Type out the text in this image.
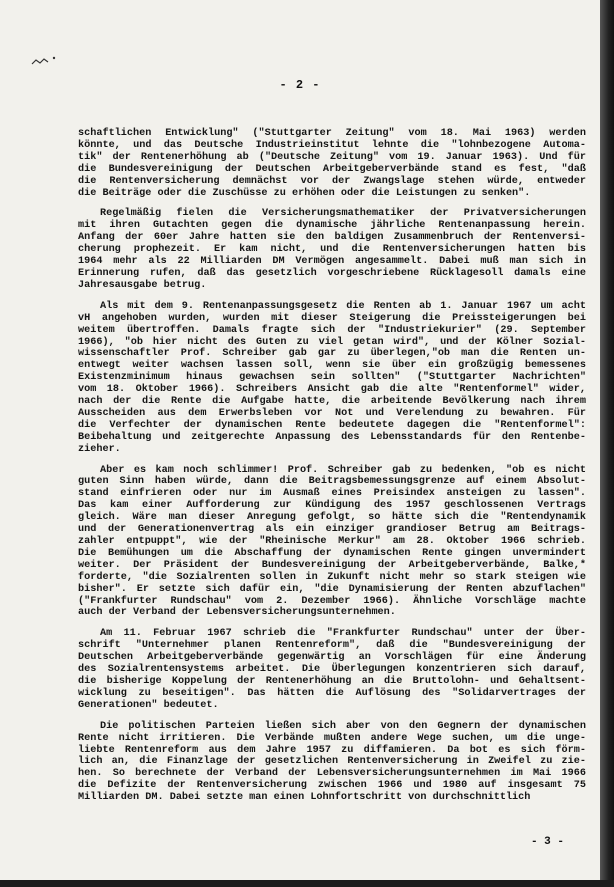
- 2 -
schaftlichen Entwicklung" ("Stuttgarter Zeitung" vom 18. Mai 1963) werden
könnte, und das Deutsche Industrieinstitut lehnte die "lohnbezogene Automa-
tik" der Rentenerhöhung ab ("Deutsche Zeitung" vom 19. Januar 1963). Und für
die Bundesvereinigung der Deutschen Arbeitgeberverbände stand es fest, "daß
die Rentenversicherung demnächst vor der Zwangslage stehen würde, entweder
die Beiträge oder die Zuschüsse zu erhöhen oder die Leistungen zu senken".
Regelmäßig fielen die Versicherungsmathematiker der Privatversicherungen
mit ihren Gutachten gegen die dynamische jährliche Rentenanpassung herein.
Anfang der 60er Jahre hatten sie den baldigen Zusammenbruch der Rentenversi-
cherung prophezeit. Er kam nicht, und die Rentenversicherungen hatten bis
1964 mehr als 22 Milliarden DM Vermögen angesammelt. Dabei muß man sich in
Erinnerung rufen, daß das gesetzlich vorgeschriebene Rücklagesoll damals eine
Jahresausgabe betrug.
Als mit dem 9. Rentenanpassungsgesetz die Renten ab 1. Januar 1967 um acht
vH angehoben wurden, wurden mit dieser Steigerung die Preissteigerungen bei
weitem übertroffen. Damals fragte sich der "Industriekurier" (29. September
1966), "ob hier nicht des Guten zu viel getan wird", und der Kölner Sozial-
wissenschaftler Prof. Schreiber gab gar zu überlegen,"ob man die Renten un-
entwegt weiter wachsen lassen soll, wenn sie über ein großzügig bemessenes
Existenzminimum hinaus gewachsen sein sollten" ("Stuttgarter Nachrichten"
vom 18. Oktober 1966). Schreibers Ansicht gab die alte "Rentenformel" wider,
nach der die Rente die Aufgabe hatte, die arbeitende Bevölkerung nach ihrem
Ausscheiden aus dem Erwerbsleben vor Not und Verelendung zu bewahren. Für
die Verfechter der dynamischen Rente bedeutete dagegen die "Rentenformel":
Beibehaltung und zeitgerechte Anpassung des Lebensstandards für den Rentenbe-
zieher.
Aber es kam noch schlimmer! Prof. Schreiber gab zu bedenken, "ob es nicht
guten Sinn haben würde, dann die Beitragsbemessungsgrenze auf einem Absolut-
stand einfrieren oder nur im Ausmaß eines Preisindex ansteigen zu lassen".
Das kam einer Aufforderung zur Kündigung des 1957 geschlossenen Vertrags
gleich. Wäre man dieser Anregung gefolgt, so hätte sich die "Rentendynamik
und der Generationenvertrag als ein einziger grandioser Betrug am Beitrags-
zahler entpuppt", wie der "Rheinische Merkur" am 28. Oktober 1966 schrieb.
Die Bemühungen um die Abschaffung der dynamischen Rente gingen unvermindert
weiter. Der Präsident der Bundesvereinigung der Arbeitgeberverbände, Balke,*
forderte, "die Sozialrenten sollen in Zukunft nicht mehr so stark steigen wie
bisher". Er setzte sich dafür ein, "die Dynamisierung der Renten abzuflachen"
("Frankfurter Rundschau" vom 2. Dezember 1966). Ähnliche Vorschläge machte
auch der Verband der Lebensversicherungsunternehmen.
Am 11. Februar 1967 schrieb die "Frankfurter Rundschau" unter der Über-
schrift "Unternehmer planen Rentenreform", daß die "Bundesvereinigung der
Deutschen Arbeitgeberverbände gegenwärtig an Vorschlägen für eine Änderung
des Sozialrentensystems arbeitet. Die Überlegungen konzentrieren sich darauf,
die bisherige Koppelung der Rentenerhöhung an die Bruttolohn- und Gehaltsent-
wicklung zu beseitigen". Das hätten die Auflösung des "Solidarvertrages der
Generationen" bedeutet.
Die politischen Parteien ließen sich aber von den Gegnern der dynamischen
Rente nicht irritieren. Die Verbände mußten andere Wege suchen, um die unge-
liebte Rentenreform aus dem Jahre 1957 zu diffamieren. Da bot es sich förm-
lich an, die Finanzlage der gesetzlichen Rentenversicherung in Zweifel zu zie-
hen. So berechnete der Verband der Lebensversicherungsunternehmen im Mai 1966
die Defizite der Rentenversicherung zwischen 1966 und 1980 auf insgesamt 75
Milliarden DM. Dabei setzte man einen Lohnfortschritt von durchschnittlich
- 3 -
